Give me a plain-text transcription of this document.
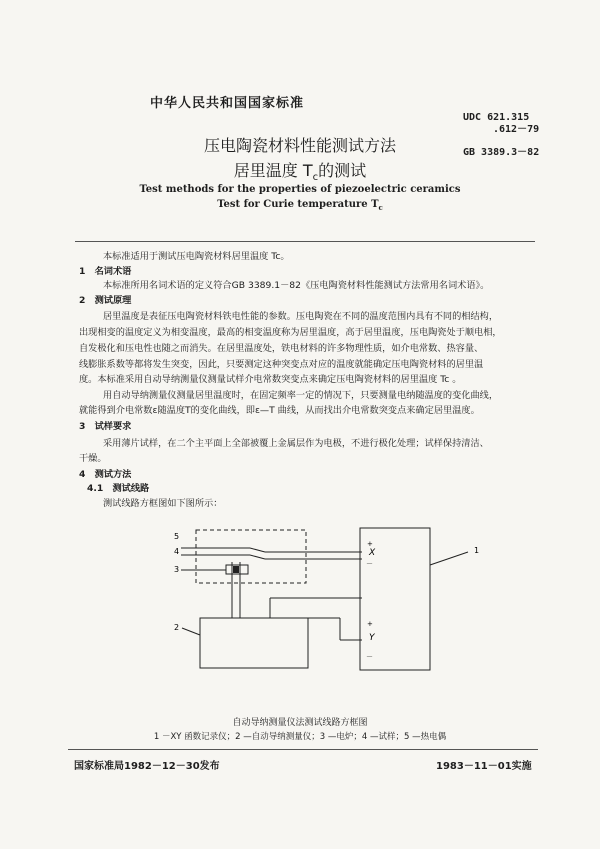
中华人民共和国国家标准
UDC 621.315
.612－79
GB 3389.3－82
压电陶瓷材料性能测试方法
居里温度 $T_c$的测试
Test methods for the properties of piezoelectric ceramics
Test for Curie temperature $T_c$
本标准适用于测试压电陶瓷材料居里温度 Tc。
1　名词术语
本标准所用名词术语的定义符合GB 3389.1－82《压电陶瓷材料性能测试方法常用名词术语》。
2　测试原理
居里温度是表征压电陶瓷材料铁电性能的参数。压电陶瓷在不同的温度范围内具有不同的相结构，
出现相变的温度定义为相变温度，最高的相变温度称为居里温度，高于居里温度，压电陶瓷处于顺电相，
自发极化和压电性也随之而消失。在居里温度处，铁电材料的许多物理性质，如介电常数、热容量、
线膨胀系数等都将发生突变，因此，只要测定这种突变点对应的温度就能确定压电陶瓷材料的居里温
度。本标准采用自动导纳测量仪测量试样介电常数突变点来确定压电陶瓷材料的居里温度 Tc 。
用自动导纳测量仪测量居里温度时，在固定频率一定的情况下，只要测量电纳随温度的变化曲线，
就能得到介电常数ε随温度T的变化曲线，即ε—T 曲线，从而找出介电常数突变点来确定居里温度。
3　试样要求
采用薄片试样，在二个主平面上全部被覆上金属层作为电极，不进行极化处理；试样保持清洁、
干燥。
4　测试方法
4.1　测试线路
测试线路方框图如下图所示：
5
4
3
1
2
+
X
－
+
Y
－
自动导纳测量仪法测试线路方框图
1 －XY 函数记录仪；2 —自动导纳测量仪；3 —电炉；4 —试样；5 —热电偶
国家标准局1982－12－30发布	1983－11－01实施
